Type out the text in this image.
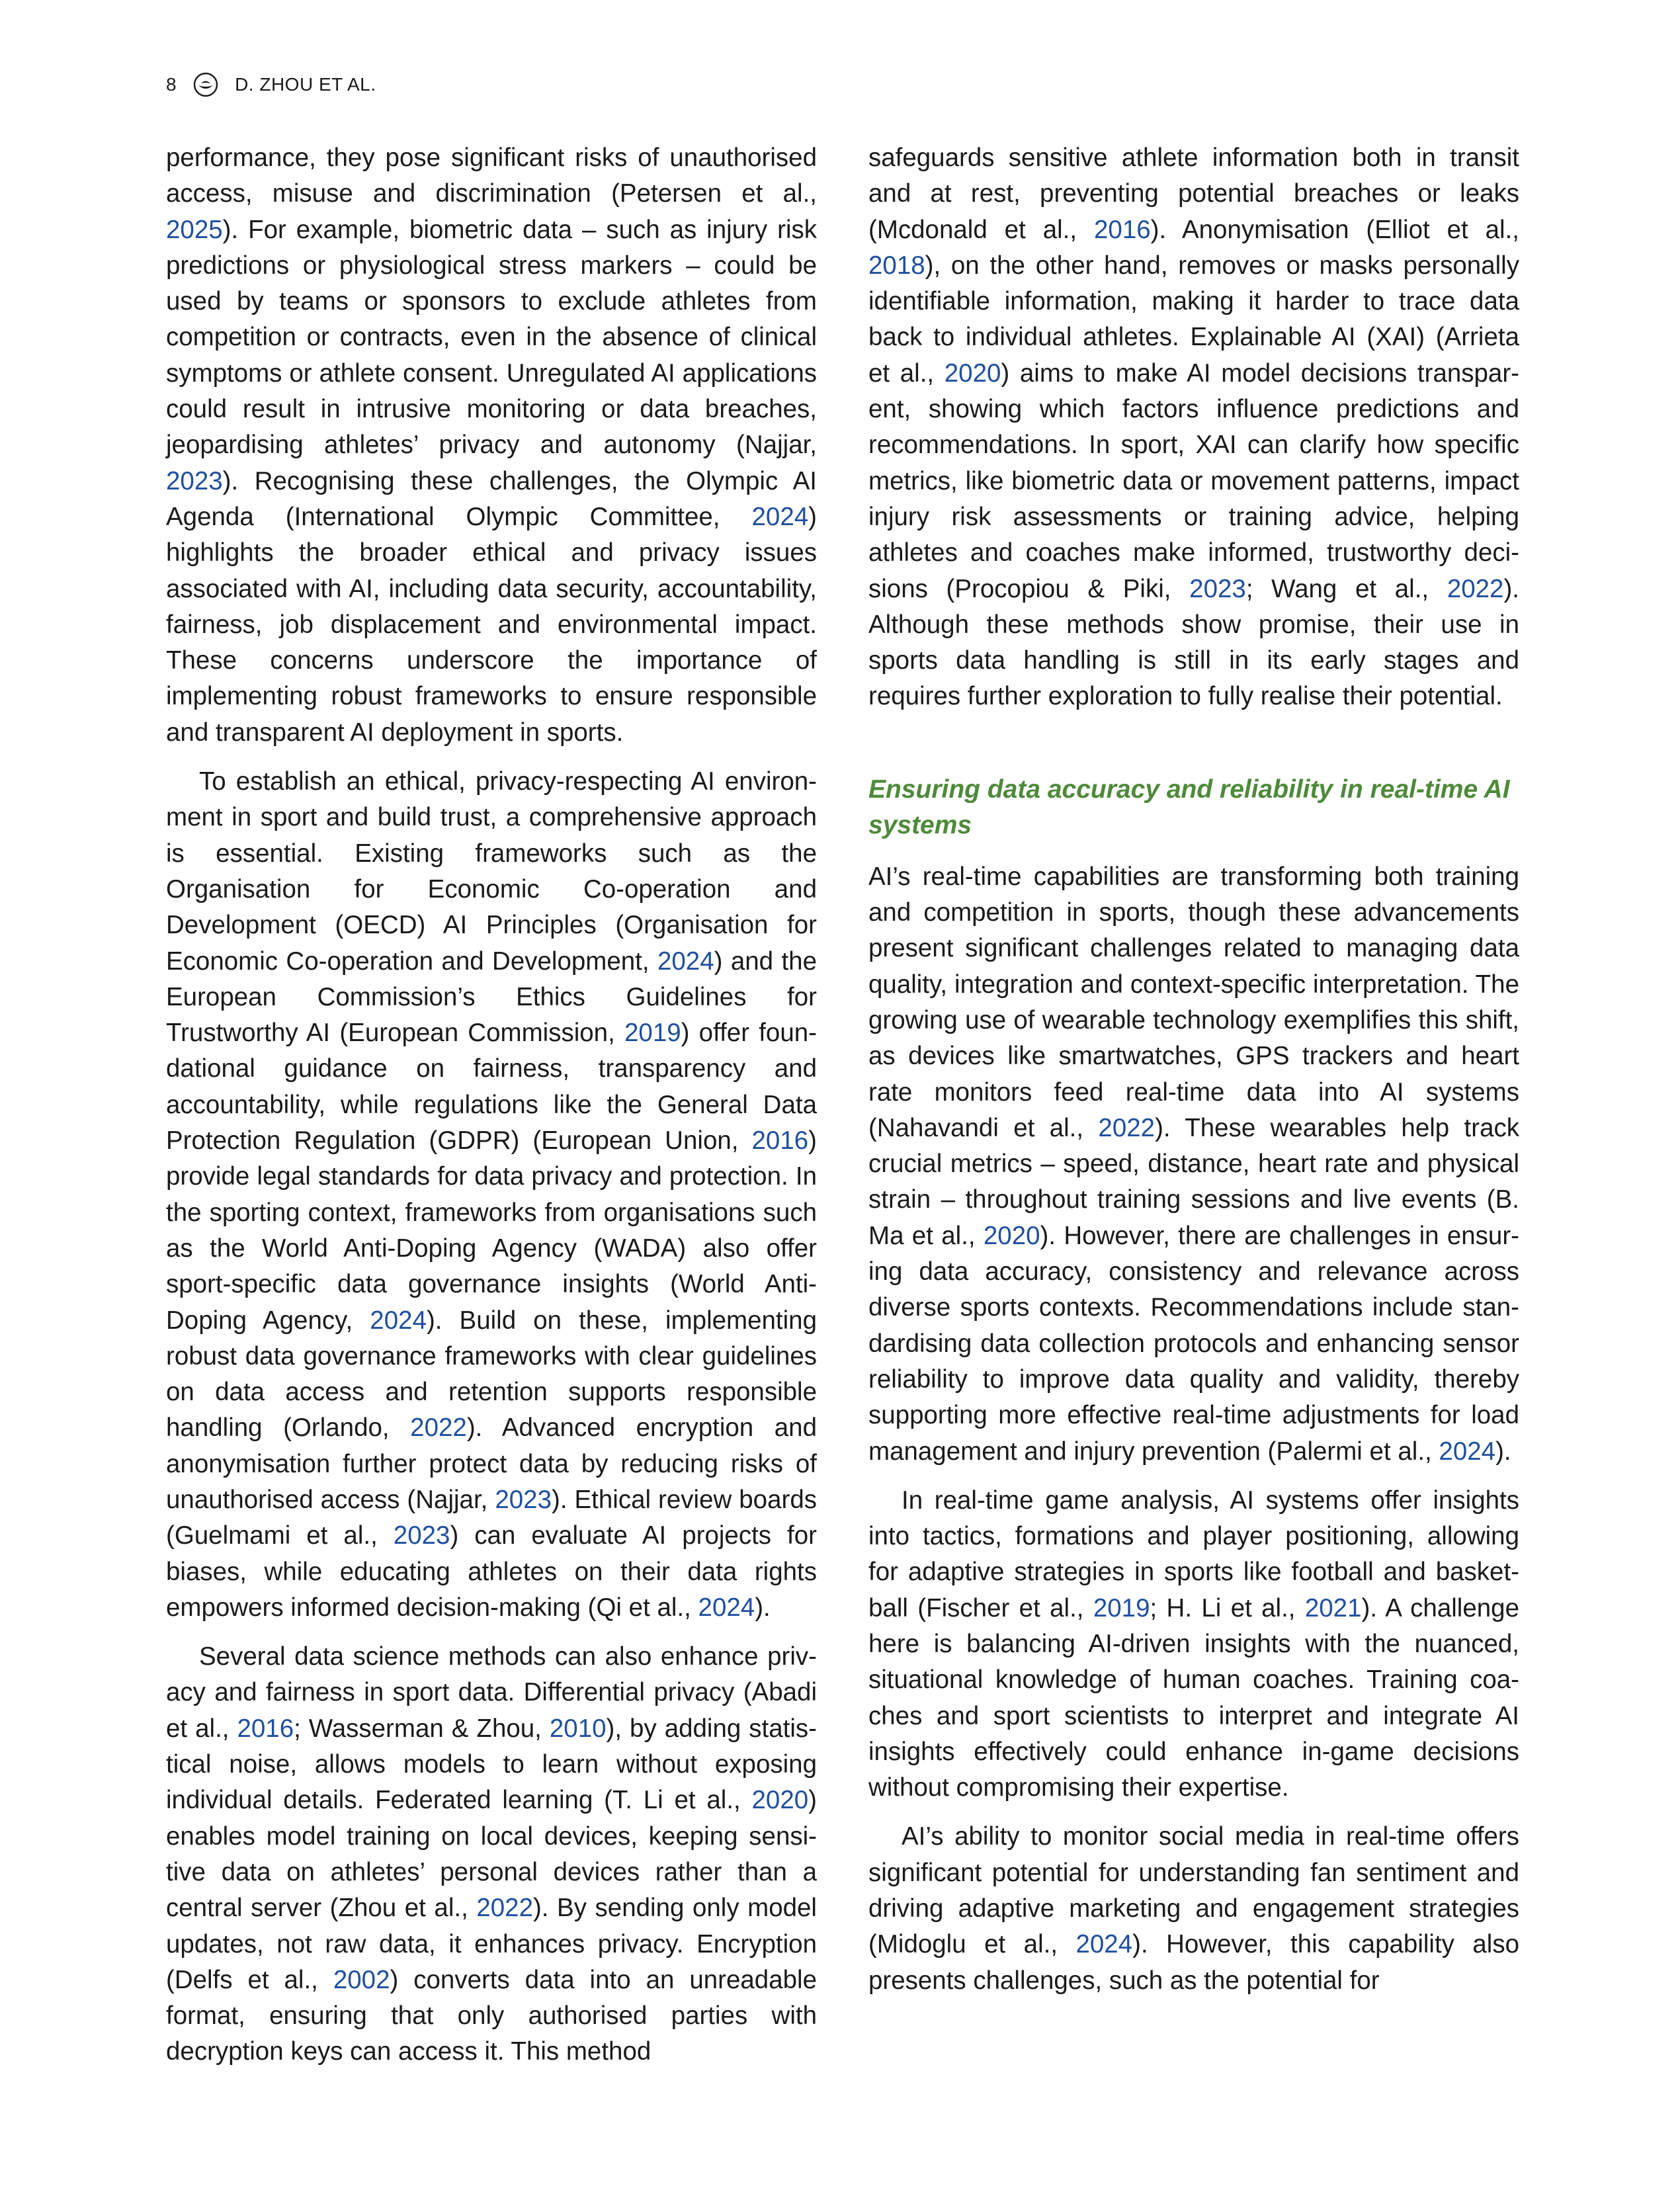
8	D. ZHOU ET AL.

performance, they pose significant risks of unauthorised access, misuse and discrimination (Petersen et al., 2025). For example, biometric data – such as injury risk predictions or physiological stress markers – could be used by teams or sponsors to exclude athletes from competition or contracts, even in the absence of clinical symptoms or athlete consent. Unregulated AI applications could result in intrusive monitoring or data breaches, jeopardising athletes’ privacy and autonomy (Najjar, 2023). Recognising these challenges, the Olympic AI Agenda (International Olympic Committee, 2024) highlights the broader ethical and privacy issues associated with AI, including data security, accountability, fairness, job displacement and environmental impact. These concerns underscore the importance of implementing robust frameworks to ensure responsible and transparent AI deployment in sports.

To establish an ethical, privacy-respecting AI environment in sport and build trust, a comprehensive approach is essential. Existing frameworks such as the Organisation for Economic Co-operation and Development (OECD) AI Principles (Organisation for Economic Co-operation and Development, 2024) and the European Commission’s Ethics Guidelines for Trustworthy AI (European Commission, 2019) offer foundational guidance on fairness, transparency and accountability, while regulations like the General Data Protection Regulation (GDPR) (European Union, 2016) provide legal standards for data privacy and protection. In the sporting context, frameworks from organisations such as the World Anti-Doping Agency (WADA) also offer sport-specific data governance insights (World Anti-Doping Agency, 2024). Build on these, implementing robust data governance frameworks with clear guidelines on data access and retention supports responsible handling (Orlando, 2022). Advanced encryption and anonymisation further protect data by reducing risks of unauthorised access (Najjar, 2023). Ethical review boards (Guelmami et al., 2023) can evaluate AI projects for biases, while educating athletes on their data rights empowers informed decision-making (Qi et al., 2024).

Several data science methods can also enhance privacy and fairness in sport data. Differential privacy (Abadi et al., 2016; Wasserman & Zhou, 2010), by adding statistical noise, allows models to learn without exposing individual details. Federated learning (T. Li et al., 2020) enables model training on local devices, keeping sensitive data on athletes’ personal devices rather than a central server (Zhou et al., 2022). By sending only model updates, not raw data, it enhances privacy. Encryption (Delfs et al., 2002) converts data into an unreadable format, ensuring that only authorised parties with decryption keys can access it. This method

safeguards sensitive athlete information both in transit and at rest, preventing potential breaches or leaks (Mcdonald et al., 2016). Anonymisation (Elliot et al., 2018), on the other hand, removes or masks personally identifiable information, making it harder to trace data back to individual athletes. Explainable AI (XAI) (Arrieta et al., 2020) aims to make AI model decisions transparent, showing which factors influence predictions and recommendations. In sport, XAI can clarify how specific metrics, like biometric data or movement patterns, impact injury risk assessments or training advice, helping athletes and coaches make informed, trustworthy decisions (Procopiou & Piki, 2023; Wang et al., 2022). Although these methods show promise, their use in sports data handling is still in its early stages and requires further exploration to fully realise their potential.

Ensuring data accuracy and reliability in real-time AI systems

AI’s real-time capabilities are transforming both training and competition in sports, though these advancements present significant challenges related to managing data quality, integration and context-specific interpretation. The growing use of wearable technology exemplifies this shift, as devices like smartwatches, GPS trackers and heart rate monitors feed real-time data into AI systems (Nahavandi et al., 2022). These wearables help track crucial metrics – speed, distance, heart rate and physical strain – throughout training sessions and live events (B. Ma et al., 2020). However, there are challenges in ensuring data accuracy, consistency and relevance across diverse sports contexts. Recommendations include standardising data collection protocols and enhancing sensor reliability to improve data quality and validity, thereby supporting more effective real-time adjustments for load management and injury prevention (Palermi et al., 2024).

In real-time game analysis, AI systems offer insights into tactics, formations and player positioning, allowing for adaptive strategies in sports like football and basketball (Fischer et al., 2019; H. Li et al., 2021). A challenge here is balancing AI-driven insights with the nuanced, situational knowledge of human coaches. Training coaches and sport scientists to interpret and integrate AI insights effectively could enhance in-game decisions without compromising their expertise.

AI’s ability to monitor social media in real-time offers significant potential for understanding fan sentiment and driving adaptive marketing and engagement strategies (Midoglu et al., 2024). However, this capability also presents challenges, such as the potential for
